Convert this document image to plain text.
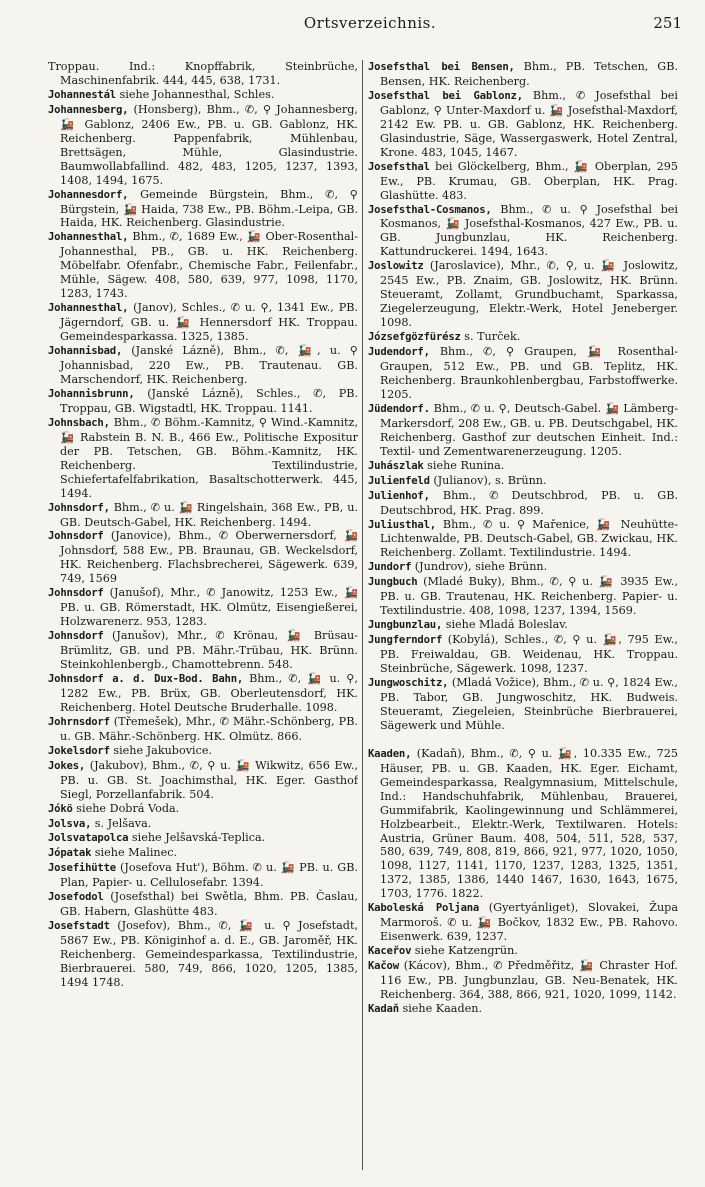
Ortsverzeichnis.	251

Troppau. Ind.: Knopffabrik, Steinbrüche, Maschinenfabrik. 444, 445, 638, 1731.

Johannestál siehe Johannesthal, Schles.

Johannesberg, (Honsberg), Bhm., ✆, ⚲ Johannesberg, 🚂 Gablonz, 2406 Ew., PB. u. GB. Gablonz, HK. Reichenberg. Pappenfabrik, Mühlenbau, Brettsägen, Mühle, Glasindustrie. Baumwollabfallind. 482, 483, 1205, 1237, 1393, 1408, 1494, 1675.

Johannesdorf, Gemeinde Bürgstein, Bhm., ✆, ⚲ Bürgstein, 🚂 Haida, 738 Ew., PB. Böhm.-Leipa, GB. Haida, HK. Reichenberg. Glasindustrie.

Johannesthal, Bhm., ✆, 1689 Ew., 🚂 Ober-Rosenthal-Johannesthal, PB., GB. u. HK. Reichenberg. Möbelfabr. Ofenfabr., Chemische Fabr., Feilenfabr., Mühle, Sägew. 408, 580, 639, 977, 1098, 1170, 1283, 1743.

Johannesthal, (Janov), Schles., ✆ u. ⚲, 1341 Ew., PB. Jägerndorf, GB. u. 🚂 Hennersdorf HK. Troppau. Gemeindesparkassa. 1325, 1385.

Johannisbad, (Janské Lázně), Bhm., ✆, 🚂, u. ⚲ Johannisbad, 220 Ew., PB. Trautenau. GB. Marschendorf, HK. Reichenberg.

Johannisbrunn, (Janské Lázně), Schles., ✆, PB. Troppau, GB. Wigstadtl, HK. Troppau. 1141.

Johnsbach, Bhm., ✆ Böhm.-Kamnitz, ⚲ Wind.-Kamnitz, 🚂 Rabstein B. N. B., 466 Ew., Politische Expositur der PB. Tetschen, GB. Böhm.-Kamnitz, HK. Reichenberg. Textilindustrie, Schiefertafelfabrikation, Basaltschotterwerk. 445, 1494.

Johnsdorf, Bhm., ✆ u. 🚂 Ringelshain, 368 Ew., PB, u. GB. Deutsch-Gabel, HK. Reichenberg. 1494.

Johnsdorf (Janovice), Bhm., ✆ Oberwernersdorf, 🚂 Johnsdorf, 588 Ew., PB. Braunau, GB. Weckelsdorf, HK. Reichenberg. Flachsbrecherei, Sägewerk. 639, 749, 1569

Johnsdorf (Janušof), Mhr., ✆ Janowitz, 1253 Ew., 🚂 PB. u. GB. Römerstadt, HK. Olmütz, Eisengießerei, Holzwarenerz. 953, 1283.

Johnsdorf (Janušov), Mhr., ✆ Krönau, 🚂 Brüsau-Brümlitz, GB. und PB. Mähr.-Trübau, HK. Brünn. Steinkohlenbergb., Chamottebrenn. 548.

Johnsdorf a. d. Dux-Bod. Bahn, Bhm., ✆, 🚂 u. ⚲, 1282 Ew., PB. Brüx, GB. Oberleutensdorf, HK. Reichenberg. Hotel Deutsche Bruderhalle. 1098.

Johrnsdorf (Třemešek), Mhr., ✆ Mähr.-Schönberg, PB. u. GB. Mähr.-Schönberg. HK. Olmütz. 866.

Jokelsdorf siehe Jakubovice.

Jokes, (Jakubov), Bhm., ✆, ⚲ u. 🚂 Wikwitz, 656 Ew., PB. u. GB. St. Joachimsthal, HK. Eger. Gasthof Siegl, Porzellanfabrik. 504.

Jókö siehe Dobrá Voda.

Jolsva, s. Jelšava.

Jolsvatapolca siehe Jelšavská-Teplica.

Jópatak siehe Malinec.

Josefihütte (Josefova Hut'), Böhm. ✆ u. 🚂 PB. u. GB. Plan, Papier- u. Cellulosefabr. 1394.

Josefodol (Josefsthal) bei Swětla, Bhm. PB. Časlau, GB. Habern, Glashütte 483.

Josefstadt (Josefov), Bhm., ✆, 🚂 u. ⚲ Josefstadt, 5867 Ew., PB. Königinhof a. d. E., GB. Jaroměř, HK. Reichenberg. Gemeindesparkassa, Textilindustrie, Bierbrauerei. 580, 749, 866, 1020, 1205, 1385, 1494 1748.

Josefsthal bei Bensen, Bhm., PB. Tetschen, GB. Bensen, HK. Reichenberg.

Josefsthal bei Gablonz, Bhm., ✆ Josefsthal bei Gablonz, ⚲ Unter-Maxdorf u. 🚂 Josefsthal-Maxdorf, 2142 Ew. PB. u. GB. Gablonz, HK. Reichenberg. Glasindustrie, Säge, Wassergaswerk, Hotel Zentral, Krone. 483, 1045, 1467.

Josefsthal bei Glöckelberg, Bhm., 🚂 Oberplan, 295 Ew., PB. Krumau, GB. Oberplan, HK. Prag. Glashütte. 483.

Josefsthal-Cosmanos, Bhm., ✆ u. ⚲ Josefsthal bei Kosmanos, 🚂 Josefsthal-Kosmanos, 427 Ew., PB. u. GB. Jungbunzlau, HK. Reichenberg. Kattundruckerei. 1494, 1643.

Joslowitz (Jaroslavice), Mhr., ✆, ⚲, u. 🚂 Joslowitz, 2545 Ew., PB. Znaim, GB. Joslowitz, HK. Brünn. Steueramt, Zollamt, Grundbuchamt, Sparkassa, Ziegelerzeugung, Elektr.-Werk, Hotel Jeneberger. 1098.

Józsefgözfürész s. Turček.

Judendorf, Bhm., ✆, ⚲ Graupen, 🚂 Rosenthal-Graupen, 512 Ew., PB. und GB. Teplitz, HK. Reichenberg. Braunkohlenbergbau, Farbstoffwerke. 1205.

Jüdendorf. Bhm., ✆ u. ⚲, Deutsch-Gabel. 🚂 Lämberg-Markersdorf, 208 Ew., GB. u. PB. Deutschgabel, HK. Reichenberg. Gasthof zur deutschen Einheit. Ind.: Textil- und Zementwarenerzeugung. 1205.

Juhászlak siehe Runina.

Julienfeld (Julianov), s. Brünn.

Julienhof, Bhm., ✆ Deutschbrod, PB. u. GB. Deutschbrod, HK. Prag. 899.

Juliusthal, Bhm., ✆ u. ⚲ Mařenice, 🚂 Neuhütte-Lichtenwalde, PB. Deutsch-Gabel, GB. Zwickau, HK. Reichenberg. Zollamt. Textilindustrie. 1494.

Jundorf (Jundrov), siehe Brünn.

Jungbuch (Mladé Buky), Bhm., ✆, ⚲ u. 🚂 3935 Ew., PB. u. GB. Trautenau, HK. Reichenberg. Papier- u. Textilindustrie. 408, 1098, 1237, 1394, 1569.

Jungbunzlau, siehe Mladá Boleslav.

Jungferndorf (Kobylá), Schles., ✆, ⚲ u. 🚂, 795 Ew., PB. Freiwaldau, GB. Weidenau, HK. Troppau. Steinbrüche, Sägewerk. 1098, 1237.

Jungwoschitz, (Mladá Vožice), Bhm., ✆ u. ⚲, 1824 Ew., PB. Tabor, GB. Jungwoschitz, HK. Budweis. Steueramt, Ziegeleien, Steinbrüche Bierbrauerei, Sägewerk und Mühle.

Kaaden, (Kadaň), Bhm., ✆, ⚲ u. 🚂, 10.335 Ew., 725 Häuser, PB. u. GB. Kaaden, HK. Eger. Eichamt, Gemeindesparkassa, Realgymnasium, Mittelschule, Ind.: Handschuhfabrik, Mühlenbau, Brauerei, Gummifabrik, Kaolingewinnung und Schlämmerei, Holzbearbeit., Elektr.-Werk, Textilwaren. Hotels: Austria, Grüner Baum. 408, 504, 511, 528, 537, 580, 639, 749, 808, 819, 866, 921, 977, 1020, 1050, 1098, 1127, 1141, 1170, 1237, 1283, 1325, 1351, 1372, 1385, 1386, 1440 1467, 1630, 1643, 1675, 1703, 1776. 1822.

Kaboleská Poljana (Gyertyánliget), Slovakei, Župa Marmoroš. ✆ u. 🚂 Bočkov, 1832 Ew., PB. Rahovo. Eisenwerk. 639, 1237.

Kaceřov siehe Katzengrün.

Kačow (Kácov), Bhm., ✆ Předměřitz, 🚂 Chraster Hof. 116 Ew., PB. Jungbunzlau, GB. Neu-Benatek, HK. Reichenberg. 364, 388, 866, 921, 1020, 1099, 1142.

Kadaň siehe Kaaden.
